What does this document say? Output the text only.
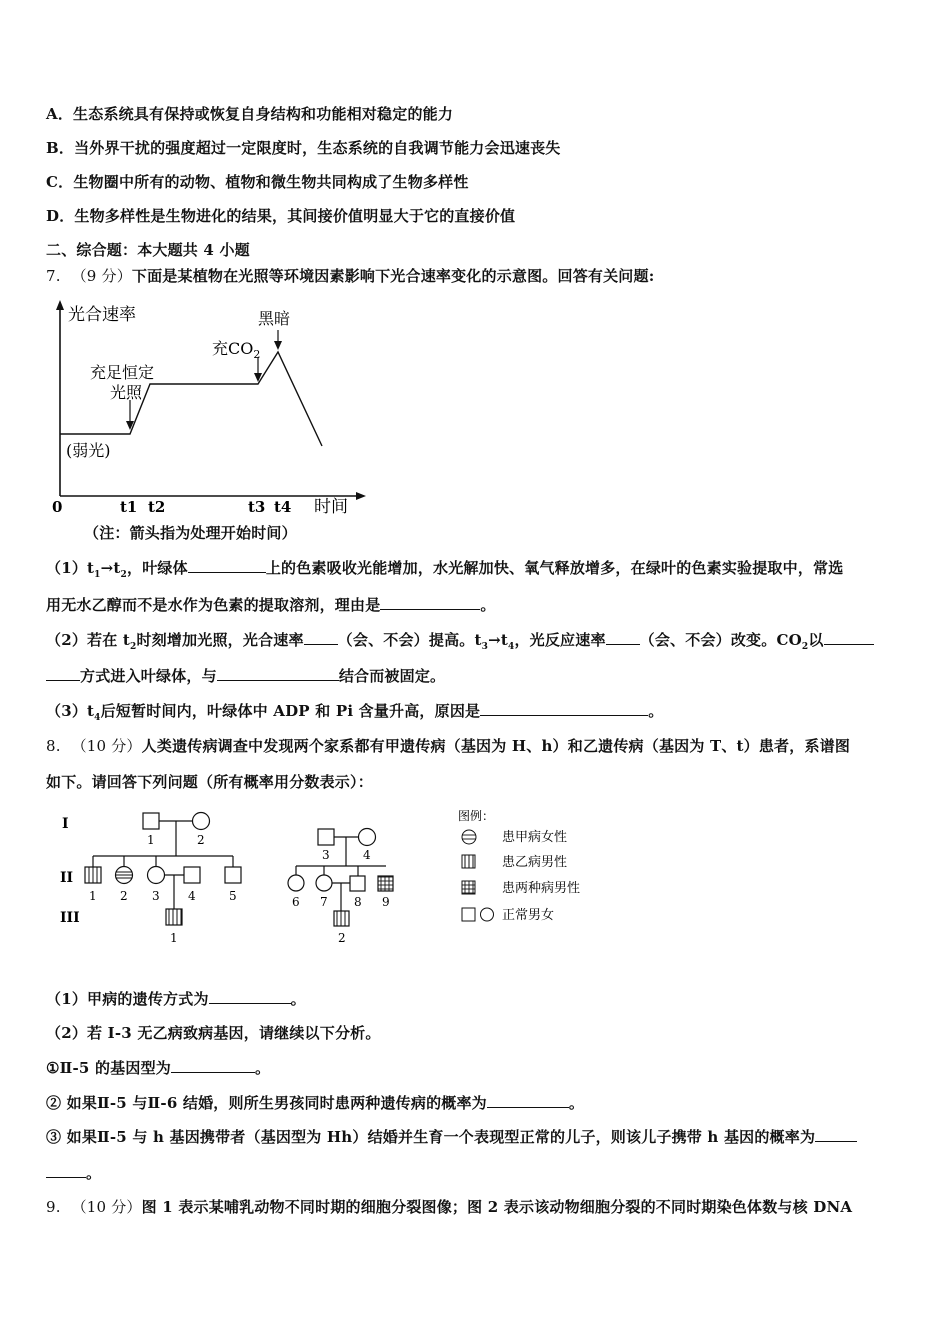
A．生态系统具有保持或恢复自身结构和功能相对稳定的能力
B．当外界干扰的强度超过一定限度时，生态系统的自我调节能力会迅速丧失
C．生物圈中所有的动物、植物和微生物共同构成了生物多样性
D．生物多样性是生物进化的结果，其间接价值明显大于它的直接价值
二、综合题：本大题共 4 小题
7. （9 分）下面是某植物在光照等环境因素影响下光合速率变化的示意图。回答有关问题:
光合速率
时间
0	t1 t2	t3 t4
(弱光)
充足恒定
光照
充$CO_2$
黑暗
（注：箭头指为处理开始时间）
$(1)t_1\to t_2$，叶绿体	上的色素吸收光能增加，水光解加快、氧气释放增多，在绿叶的色素实验提取中，常选
用无水乙醇而不是水作为色素的提取溶剂，理由是	。
（2）若在 $t_2$时刻增加光照，光合速率 （会、不会）提高。$t_3\to t_4$，光反应速率 （会、不会）改变。$CO_2$以
方式进入叶绿体，与	结合而被固定。
$(3)t_4$后短暂时间内，叶绿体中 ADP 和 Pi 含量升高，原因是	。
8. （10 分）人类遗传病调查中发现两个家系都有甲遗传病（基因为 H、h）和乙遗传病（基因为 T、t）患者，系谱图
如下。请回答下列问题（所有概率用分数表示）：
I
II
III
1	2
1 2 3 4	5
1
3	4
6 7 8 9
2
图例：
患甲病女性
患乙病男性
患两种病男性
正常男女
（1）甲病的遗传方式为	。
（2）若 I-3 无乙病致病基因，请继续以下分析。
①Ⅱ-5 的基因型为	。
② 如果Ⅱ-5 与Ⅱ-6 结婚，则所生男孩同时患两种遗传病的概率为	。
③ 如果Ⅱ-5 与 h 基因携带者（基因型为 Hh）结婚并生育一个表现型正常的儿子，则该儿子携带 h 基因的概率为
。
9. （10 分）图 1 表示某哺乳动物不同时期的细胞分裂图像；图 2 表示该动物细胞分裂的不同时期染色体数与核 DNA
